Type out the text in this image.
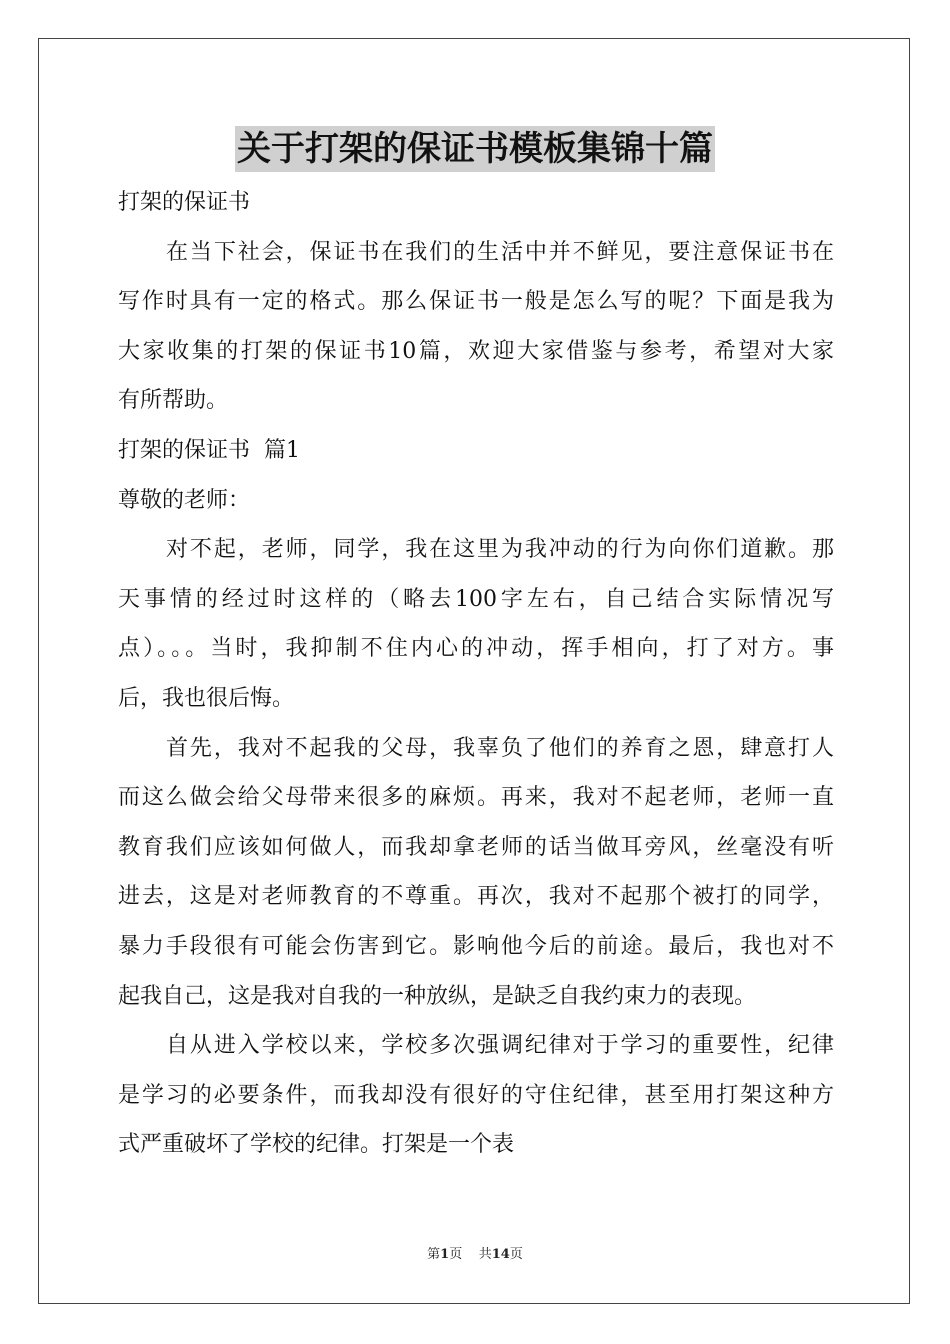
关于打架的保证书模板集锦十篇
打架的保证书
在当下社会，保证书在我们的生活中并不鲜见，要注意保证书在
写作时具有一定的格式。那么保证书一般是怎么写的呢？下面是我为
大家收集的打架的保证书10篇，欢迎大家借鉴与参考，希望对大家
有所帮助。
打架的保证书  篇1
尊敬的老师：
对不起，老师，同学，我在这里为我冲动的行为向你们道歉。那
天事情的经过时这样的（略去100字左右，自己结合实际情况写
点）。。。当时，我抑制不住内心的冲动，挥手相向，打了对方。事
后，我也很后悔。
首先，我对不起我的父母，我辜负了他们的养育之恩，肆意打人
而这么做会给父母带来很多的麻烦。再来，我对不起老师，老师一直
教育我们应该如何做人，而我却拿老师的话当做耳旁风，丝毫没有听
进去，这是对老师教育的不尊重。再次，我对不起那个被打的同学，
暴力手段很有可能会伤害到它。影响他今后的前途。最后，我也对不
起我自己，这是我对自我的一种放纵，是缺乏自我约束力的表现。
自从进入学校以来，学校多次强调纪律对于学习的重要性，纪律
是学习的必要条件，而我却没有很好的守住纪律，甚至用打架这种方
式严重破坏了学校的纪律。打架是一个表
第1页 共14页
